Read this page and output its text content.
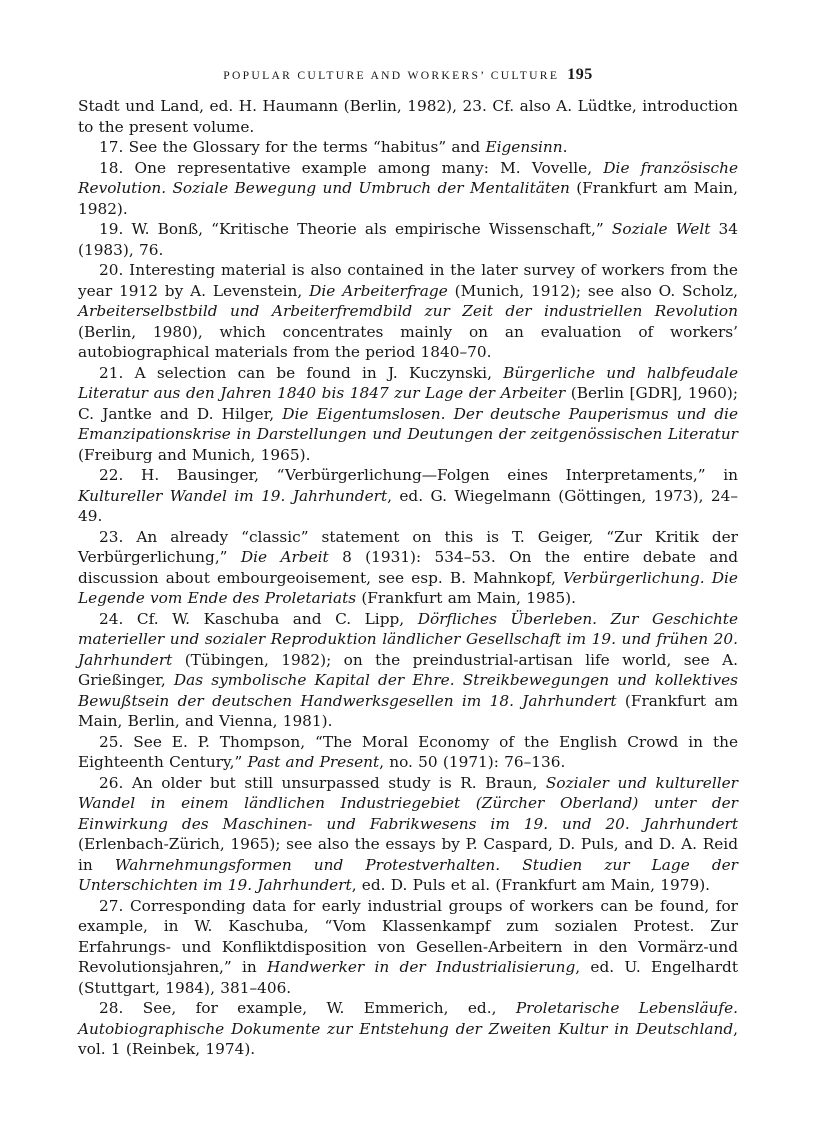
POPULAR CULTURE AND WORKERS’ CULTURE 195

Stadt und Land, ed. H. Haumann (Berlin, 1982), 23. Cf. also A. Lüdtke, introduction to the present volume.

17. See the Glossary for the terms “habitus” and Eigensinn.

18. One representative example among many: M. Vovelle, Die französische Revolution. Soziale Bewegung und Umbruch der Mentalitäten (Frankfurt am Main, 1982).

19. W. Bonß, “Kritische Theorie als empirische Wissenschaft,” Soziale Welt 34 (1983), 76.

20. Interesting material is also contained in the later survey of workers from the year 1912 by A. Levenstein, Die Arbeiterfrage (Munich, 1912); see also O. Scholz, Arbeiterselbstbild und Arbeiterfremdbild zur Zeit der industriellen Revolution (Berlin, 1980), which concentrates mainly on an evaluation of workers’ autobiographical materials from the period 1840–70.

21. A selection can be found in J. Kuczynski, Bürgerliche und halbfeudale Literatur aus den Jahren 1840 bis 1847 zur Lage der Arbeiter (Berlin [GDR], 1960); C. Jantke and D. Hilger, Die Eigentumslosen. Der deutsche Pauperismus und die Emanzipationskrise in Darstellungen und Deutungen der zeitgenössischen Literatur (Freiburg and Munich, 1965).

22. H. Bausinger, “Verbürgerlichung—Folgen eines Interpretaments,” in Kultureller Wandel im 19. Jahrhundert, ed. G. Wiegelmann (Göttingen, 1973), 24–49.

23. An already “classic” statement on this is T. Geiger, “Zur Kritik der Verbürgerlichung,” Die Arbeit 8 (1931): 534–53. On the entire debate and discussion about embourgeoisement, see esp. B. Mahnkopf, Verbürgerlichung. Die Legende vom Ende des Proletariats (Frankfurt am Main, 1985).

24. Cf. W. Kaschuba and C. Lipp, Dörfliches Überleben. Zur Geschichte materieller und sozialer Reproduktion ländlicher Gesellschaft im 19. und frühen 20. Jahrhundert (Tübingen, 1982); on the preindustrial-artisan life world, see A. Grießinger, Das symbolische Kapital der Ehre. Streikbewegungen und kollektives Bewußtsein der deutschen Handwerksgesellen im 18. Jahrhundert (Frankfurt am Main, Berlin, and Vienna, 1981).

25. See E. P. Thompson, “The Moral Economy of the English Crowd in the Eighteenth Century,” Past and Present, no. 50 (1971): 76–136.

26. An older but still unsurpassed study is R. Braun, Sozialer und kultureller Wandel in einem ländlichen Industriegebiet (Zürcher Oberland) unter der Einwirkung des Maschinen- und Fabrikwesens im 19. und 20. Jahrhundert (Erlenbach-Zürich, 1965); see also the essays by P. Caspard, D. Puls, and D. A. Reid in Wahrnehmungsformen und Protestverhalten. Studien zur Lage der Unterschichten im 19. Jahrhundert, ed. D. Puls et al. (Frankfurt am Main, 1979).

27. Corresponding data for early industrial groups of workers can be found, for example, in W. Kaschuba, “Vom Klassenkampf zum sozialen Protest. Zur Erfahrungs- und Konfliktdisposition von Gesellen-Arbeitern in den Vormärz-und Revolutionsjahren,” in Handwerker in der Industrialisierung, ed. U. Engelhardt (Stuttgart, 1984), 381–406.

28. See, for example, W. Emmerich, ed., Proletarische Lebensläufe. Autobiographische Dokumente zur Entstehung der Zweiten Kultur in Deutschland, vol. 1 (Reinbek, 1974).
